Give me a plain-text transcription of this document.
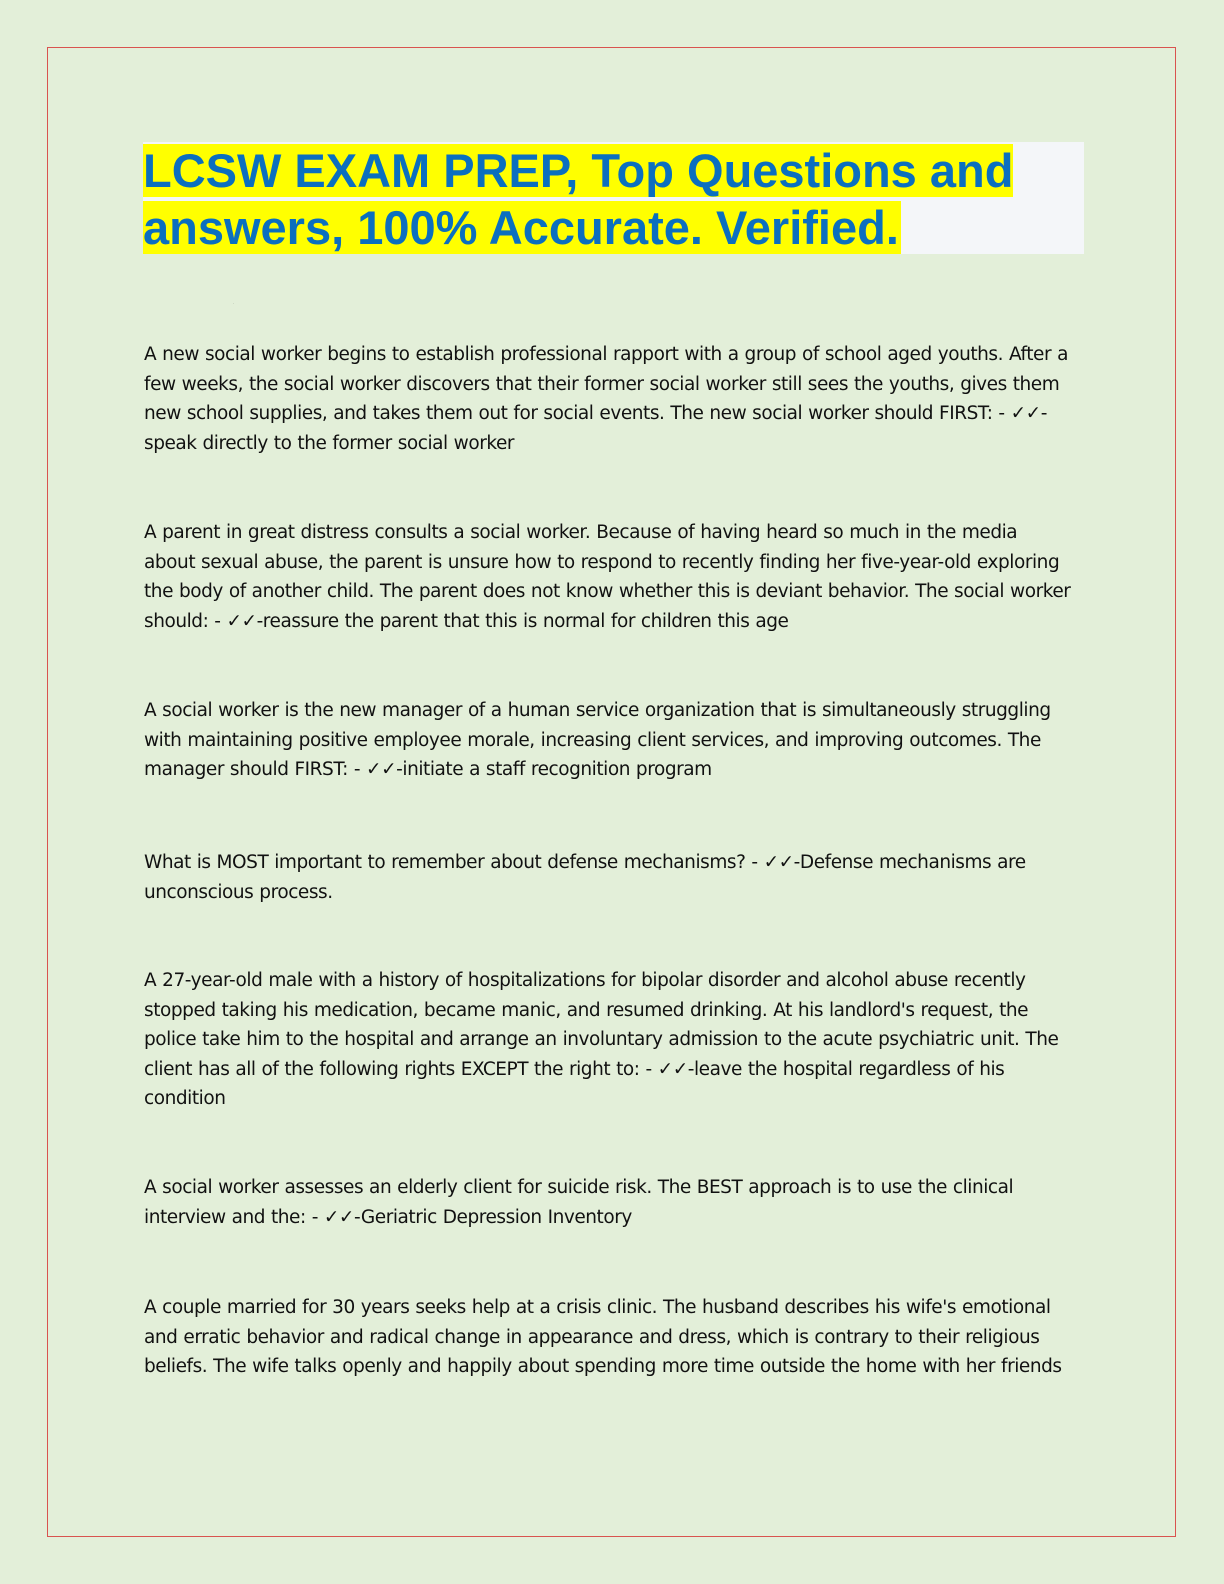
LCSW EXAM PREP, Top Questions and answers, 100% Accurate. Verified.

A new social worker begins to establish professional rapport with a group of school aged youths. After a few weeks, the social worker discovers that their former social worker still sees the youths, gives them new school supplies, and takes them out for social events. The new social worker should FIRST: - ✓✓-speak directly to the former social worker

A parent in great distress consults a social worker. Because of having heard so much in the media about sexual abuse, the parent is unsure how to respond to recently finding her five-year-old exploring the body of another child. The parent does not know whether this is deviant behavior. The social worker should: - ✓✓-reassure the parent that this is normal for children this age

A social worker is the new manager of a human service organization that is simultaneously struggling with maintaining positive employee morale, increasing client services, and improving outcomes. The manager should FIRST: - ✓✓-initiate a staff recognition program

What is MOST important to remember about defense mechanisms? - ✓✓-Defense mechanisms are unconscious process.

A 27-year-old male with a history of hospitalizations for bipolar disorder and alcohol abuse recently stopped taking his medication, became manic, and resumed drinking. At his landlord's request, the police take him to the hospital and arrange an involuntary admission to the acute psychiatric unit. The client has all of the following rights EXCEPT the right to: - ✓✓-leave the hospital regardless of his condition

A social worker assesses an elderly client for suicide risk. The BEST approach is to use the clinical interview and the: - ✓✓-Geriatric Depression Inventory

A couple married for 30 years seeks help at a crisis clinic. The husband describes his wife's emotional and erratic behavior and radical change in appearance and dress, which is contrary to their religious beliefs. The wife talks openly and happily about spending more time outside the home with her friends
